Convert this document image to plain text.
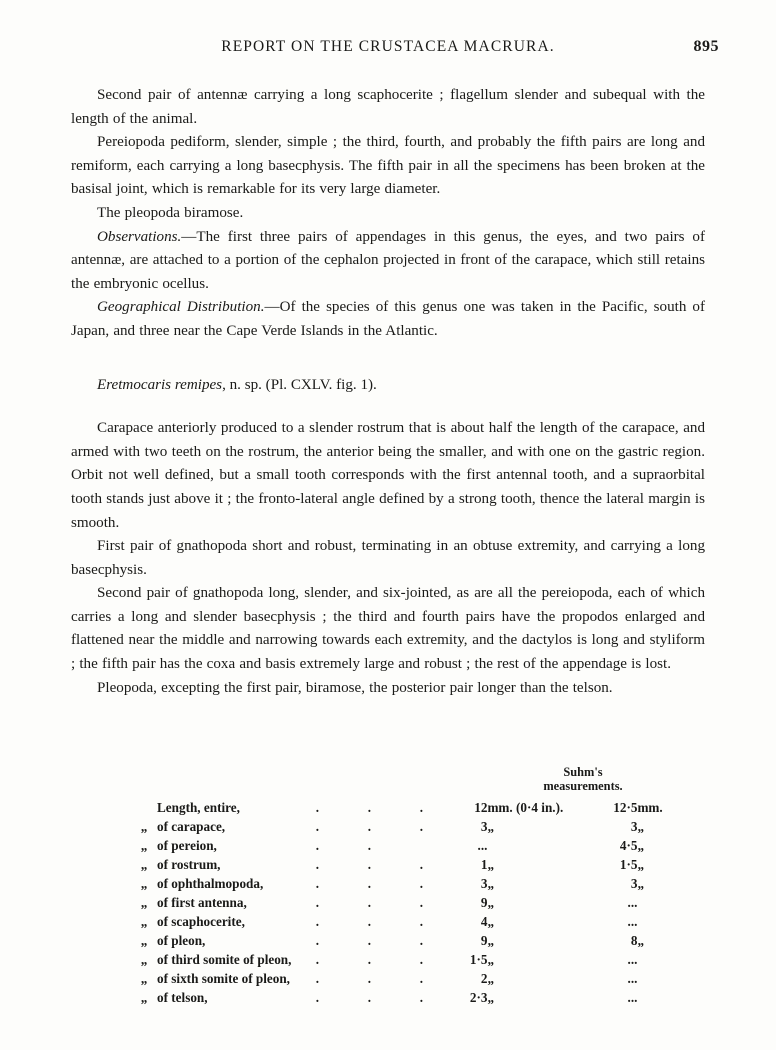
REPORT ON THE CRUSTACEA MACRURA.	895

Second pair of antennæ carrying a long scaphocerite ; flagellum slender and subequal with the length of the animal.

Pereiopoda pediform, slender, simple ; the third, fourth, and probably the fifth pairs are long and remiform, each carrying a long basecphysis. The fifth pair in all the specimens has been broken at the basisal joint, which is remarkable for its very large diameter.

The pleopoda biramose.

Observations.—The first three pairs of appendages in this genus, the eyes, and two pairs of antennæ, are attached to a portion of the cephalon projected in front of the carapace, which still retains the embryonic ocellus.

Geographical Distribution.—Of the species of this genus one was taken in the Pacific, south of Japan, and three near the Cape Verde Islands in the Atlantic.

Eretmocaris remipes, n. sp. (Pl. CXLV. fig. 1).

Carapace anteriorly produced to a slender rostrum that is about half the length of the carapace, and armed with two teeth on the rostrum, the anterior being the smaller, and with one on the gastric region. Orbit not well defined, but a small tooth corresponds with the first antennal tooth, and a supraorbital tooth stands just above it ; the fronto-lateral angle defined by a strong tooth, thence the lateral margin is smooth.

First pair of gnathopoda short and robust, terminating in an obtuse extremity, and carrying a long basecphysis.

Second pair of gnathopoda long, slender, and six-jointed, as are all the pereiopoda, each of which carries a long and slender basecphysis ; the third and fourth pairs have the propodos enlarged and flattened near the middle and narrowing towards each extremity, and the dactylos is long and styliform ; the fifth pair has the coxa and basis extremely large and robust ; the rest of the appendage is lost.

Pleopoda, excepting the first pair, biramose, the posterior pair longer than the telson.

Suhm's
measurements.
	Length, entire,	.	.	.	12	mm. (0·4 in.).	12·5	mm.
„	of carapace,	.	.	.	3	„	3	„
„	of pereion,	.	.		...		4·5	„
„	of rostrum,	.	.	.	1	„	1·5	„
„	of ophthalmopoda,	.	.	.	3	„	3	„
„	of first antenna,	.	.	.	9	„	...	
„	of scaphocerite,	.	.	.	4	„	...	
„	of pleon,	.	.	.	9	„	8	„
„	of third somite of pleon,	.	.	.	1·5	„	...	
„	of sixth somite of pleon,	.	.	.	2	„	...	
„	of telson,	.	.	.	2·3	„	...	
